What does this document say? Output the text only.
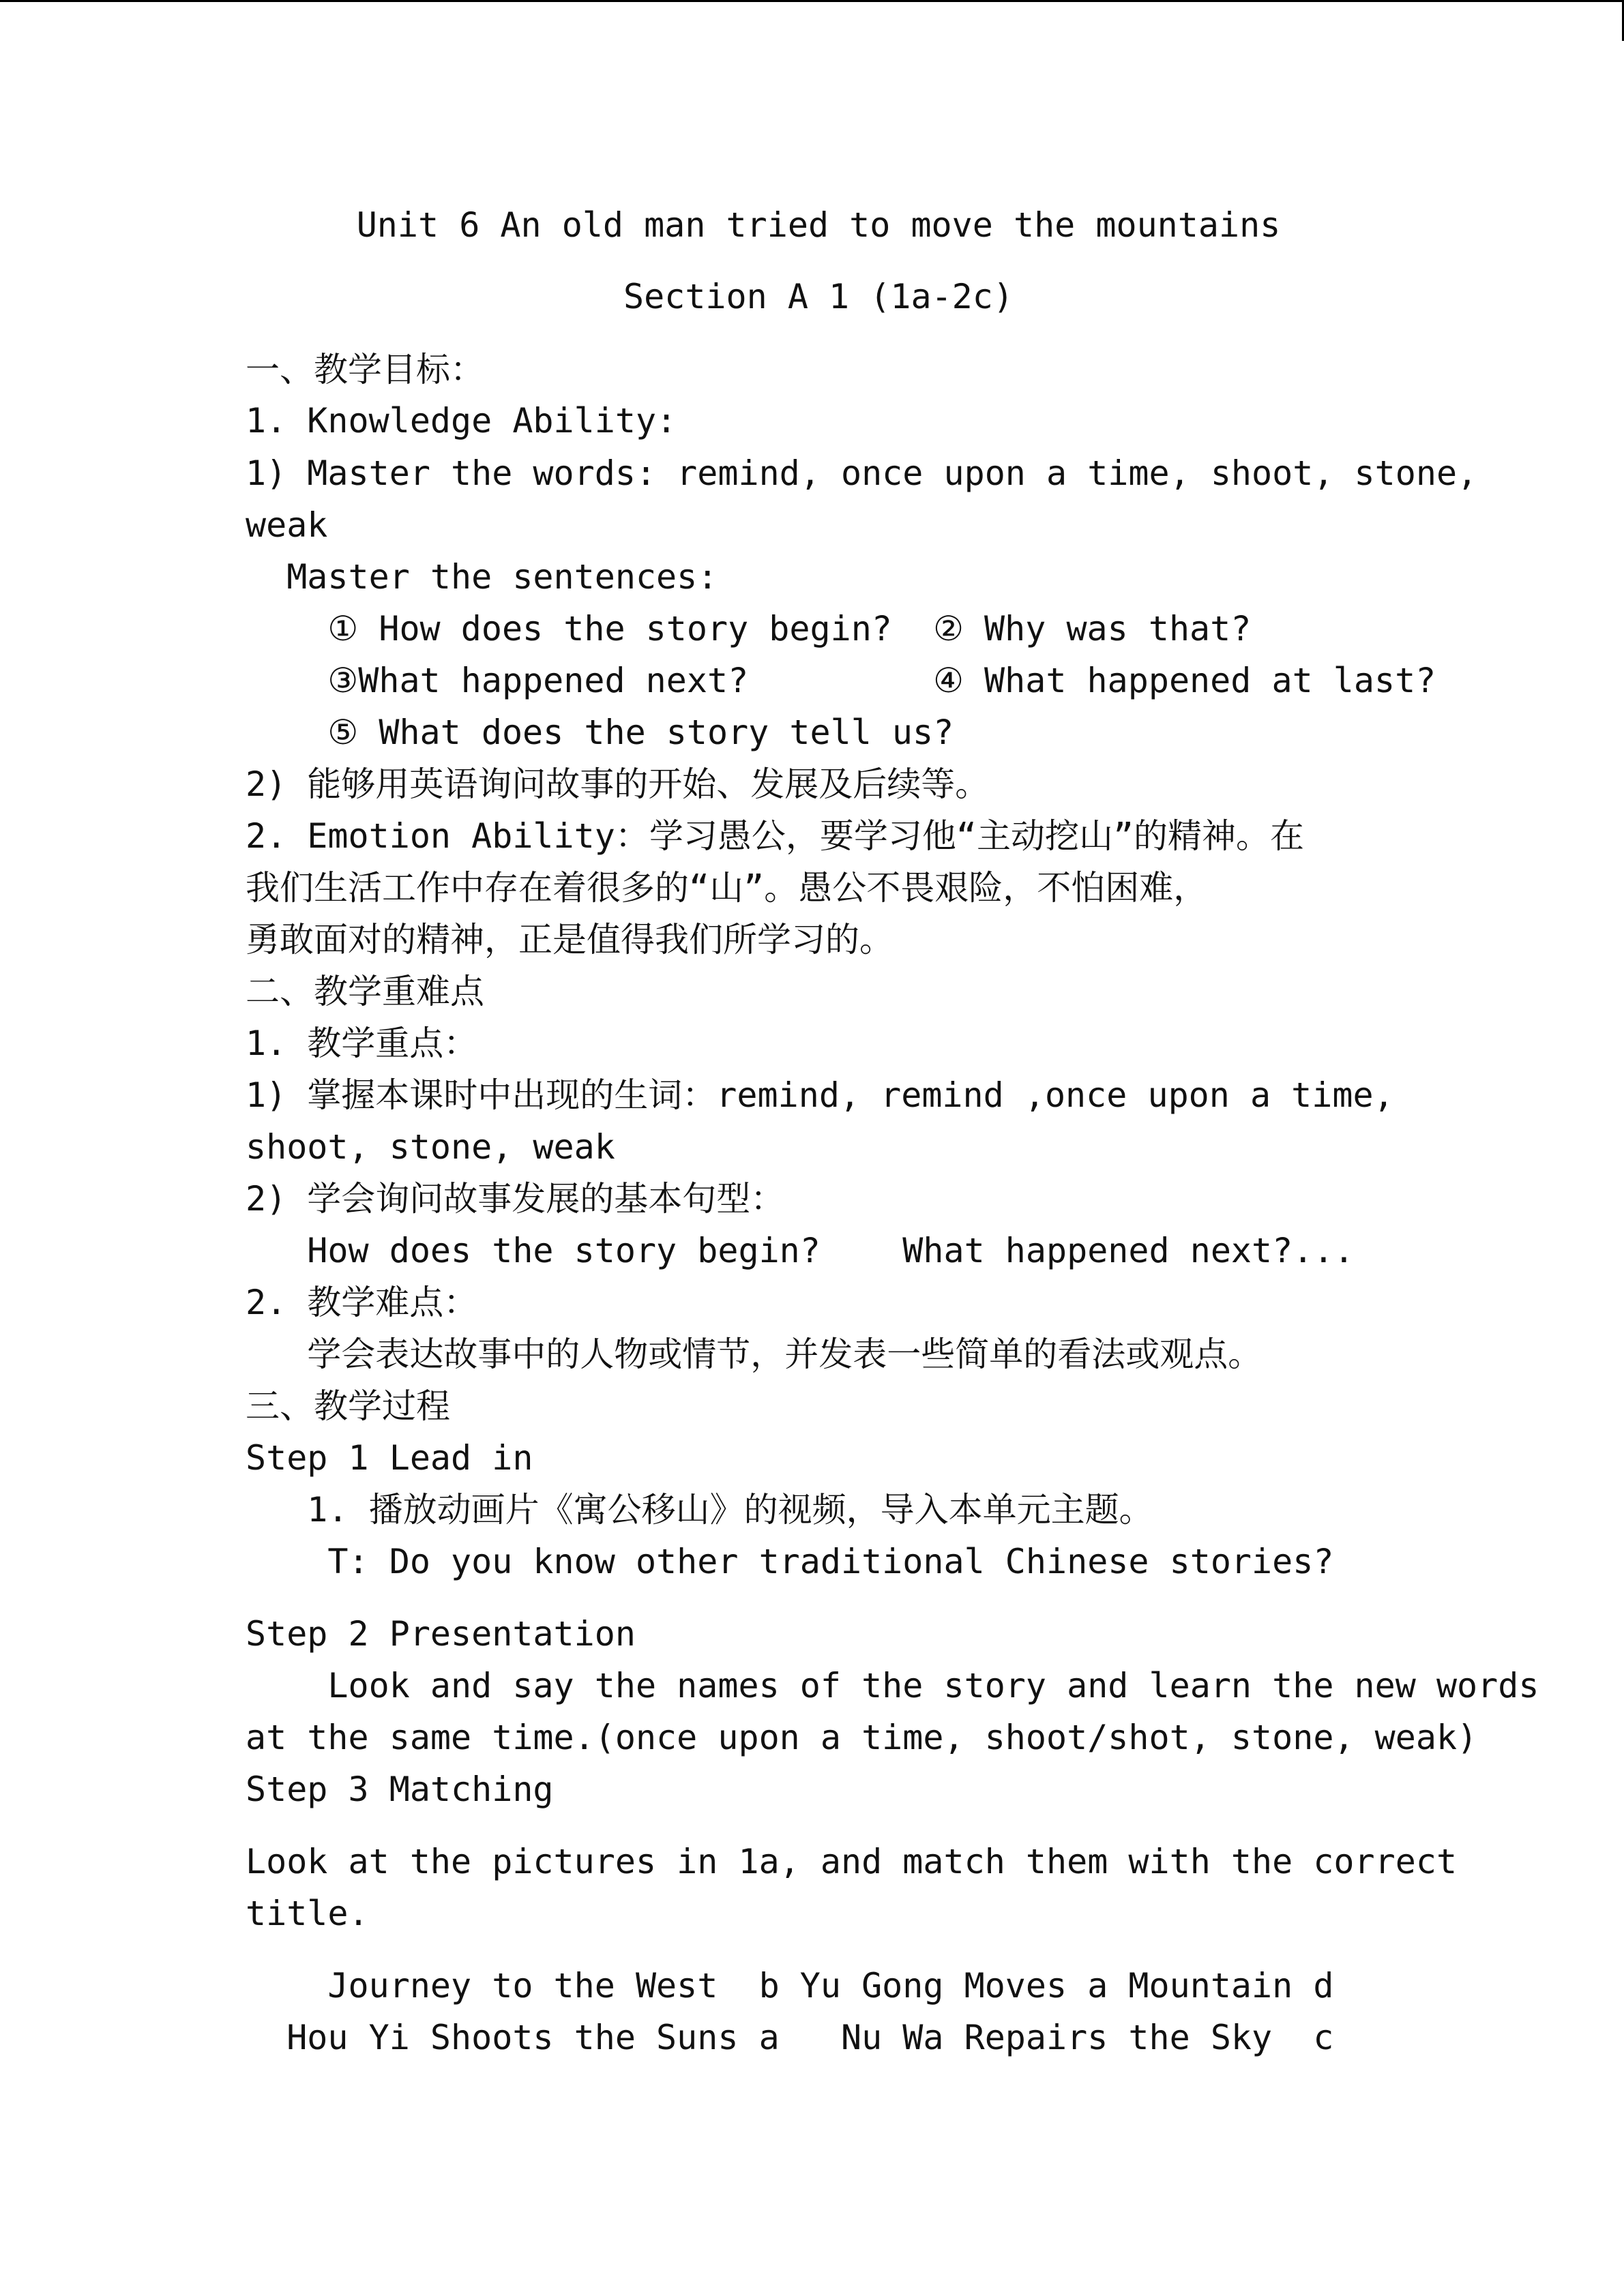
Unit 6 An old man tried to move the mountains
Section A 1 (1a-2c)
一、教学目标：
1. Knowledge Ability:
1) Master the words: remind, once upon a time, shoot, stone,
weak
Master the sentences:
① How does the story begin?  ② Why was that?
③What happened next?         ④ What happened at last?
⑤ What does the story tell us?
2) 能够用英语询问故事的开始、发展及后续等。
2. Emotion Ability：学习愚公，要学习他“主动挖山”的精神。在
我们生活工作中存在着很多的“山”。愚公不畏艰险，不怕困难，
勇敢面对的精神，正是值得我们所学习的。
二、教学重难点
1. 教学重点：
1) 掌握本课时中出现的生词：remind, remind ,once upon a time,
shoot, stone, weak
2) 学会询问故事发展的基本句型：
How does the story begin?    What happened next?...
2. 教学难点：
学会表达故事中的人物或情节，并发表一些简单的看法或观点。
三、教学过程
Step 1 Lead in
1. 播放动画片《寓公移山》的视频，导入本单元主题。
T: Do you know other traditional Chinese stories?
Step 2 Presentation
Look and say the names of the story and learn the new words
at the same time.(once upon a time, shoot/shot, stone, weak)
Step 3 Matching
Look at the pictures in 1a, and match them with the correct
title.
Journey to the West  b Yu Gong Moves a Mountain d
Hou Yi Shoots the Suns a   Nu Wa Repairs the Sky  c
